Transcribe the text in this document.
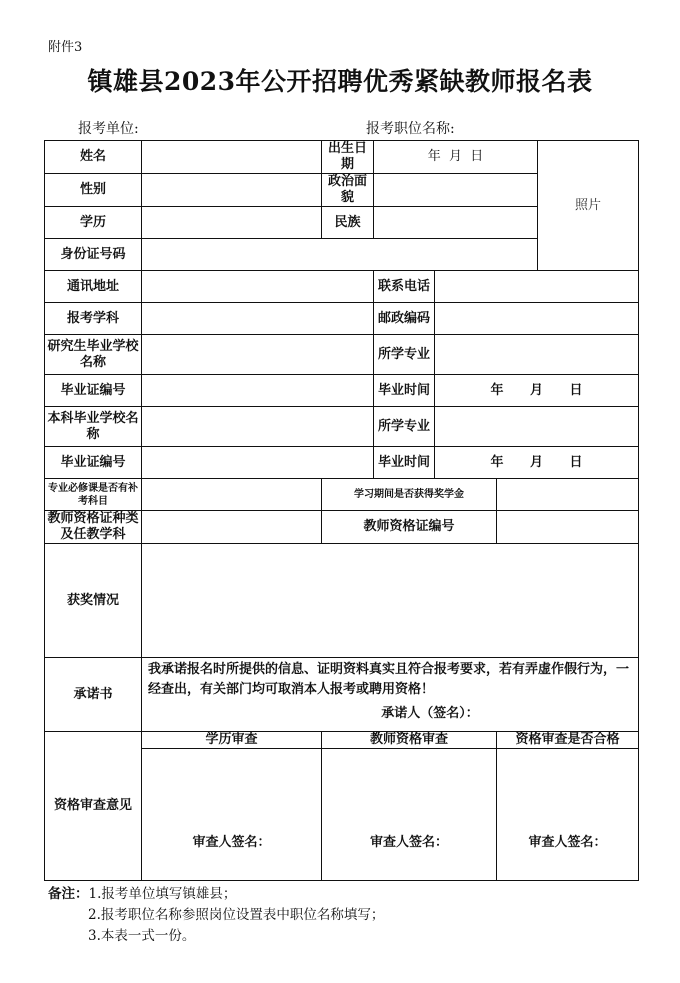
附件3
镇雄县2023年公开招聘优秀紧缺教师报名表
报考单位:	报考职位名称:
姓名		出生日期	年  月  日			照片
性别		政治面貌				
学历		民族				
身份证号码						
通讯地址			联系电话			
报考学科			邮政编码			
研究生毕业学校名称			所学专业			
毕业证编号			毕业时间	年 月 日		
本科毕业学校名称			所学专业			
毕业证编号			毕业时间	年 月 日		
专业必修课是否有补考科目		学习期间是否获得奖学金				
教师资格证种类及任教学科		教师资格证编号				
获奖情况						
承诺书	我承诺报名时所提供的信息、证明资料真实且符合报考要求，若有弄虚作假行为，一经查出，有关部门均可取消本人报考或聘用资格！
承诺人（签名）：					

资格审查意见	学历审查	教师资格审查			资格审查是否合格	

	审查人签名：	审查人签名：			审查人签名：	
备注：1.报考单位填写镇雄县；
2.报考职位名称参照岗位设置表中职位名称填写；
3.本表一式一份。
